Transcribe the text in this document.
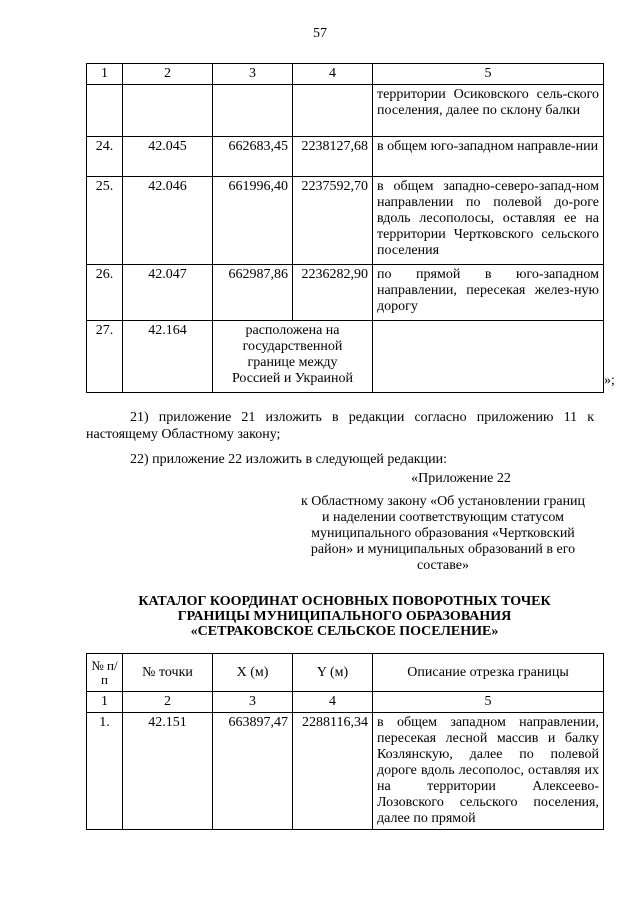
57
1	2	3	4	5
				территории Осиковского сель-ского поселения, далее по склону балки
24.	42.045	662683,45	2238127,68	в общем юго-западном направле-нии
25.	42.046	661996,40	2237592,70	в общем западно-северо-запад-ном направлении по полевой до-роге вдоль лесополосы, оставляя ее на территории Чертковского сельского поселения
26.	42.047	662987,86	2236282,90	по прямой в юго-западном направлении, пересекая желез-ную дорогу
27.	42.164	расположена на государственной границе между Россией и Украиной			»;
21) приложение 21 изложить в редакции согласно приложению 11 к настоящему Областному закону;
22) приложение 22 изложить в следующей редакции:
«Приложение 22
к Областному закону «Об установлении границ и наделении соответствующим статусом муниципального образования «Чертковский район» и муниципальных образований в его составе»
КАТАЛОГ КООРДИНАТ ОСНОВНЫХ ПОВОРОТНЫХ ТОЧЕК
ГРАНИЦЫ МУНИЦИПАЛЬНОГО ОБРАЗОВАНИЯ
«СЕТРАКОВСКОЕ СЕЛЬСКОЕ ПОСЕЛЕНИЕ»
№ п/п	№ точки	X (м)	Y (м)	Описание отрезка границы
1	2	3	4	5
1.	42.151	663897,47	2288116,34	в общем западном направлении, пересекая лесной массив и балку Козлянскую, далее по полевой дороге вдоль лесополос, оставляя их на территории Алексеево-Лозовского сельского поселения, далее по прямой
